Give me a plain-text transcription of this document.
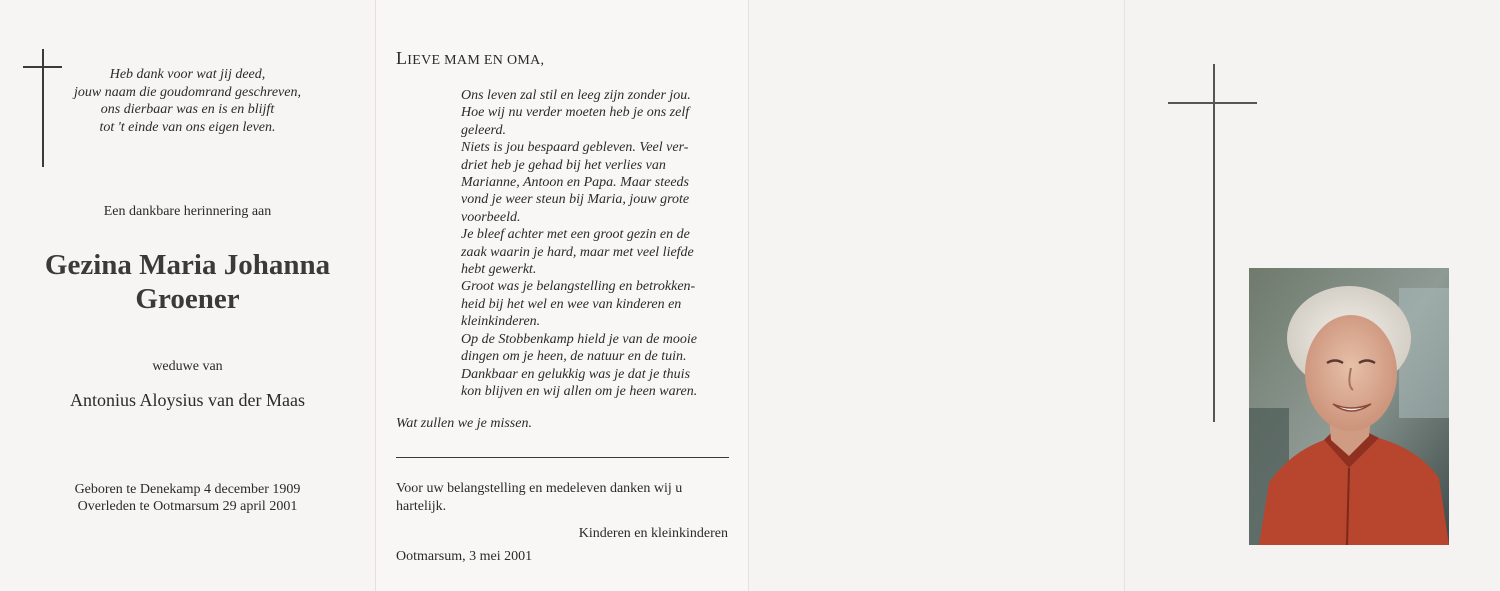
Heb dank voor wat jij deed,
jouw naam die goudomrand geschreven,
ons dierbaar was en is en blijft
tot 't einde van ons eigen leven.
Een dankbare herinnering aan
Gezina Maria Johanna
Groener
weduwe van
Antonius Aloysius van der Maas
Geboren te Denekamp 4 december 1909
Overleden te Ootmarsum 29 april 2001
LIEVE MAM EN OMA,
Ons leven zal stil en leeg zijn zonder jou.
Hoe wij nu verder moeten heb je ons zelf
geleerd.
Niets is jou bespaard gebleven. Veel ver-
driet heb je gehad bij het verlies van
Marianne, Antoon en Papa. Maar steeds
vond je weer steun bij Maria, jouw grote
voorbeeld.
Je bleef achter met een groot gezin en de
zaak waarin je hard, maar met veel liefde
hebt gewerkt.
Groot was je belangstelling en betrokken-
heid bij het wel en wee van kinderen en
kleinkinderen.
Op de Stobbenkamp hield je van de mooie
dingen om je heen, de natuur en de tuin.
Dankbaar en gelukkig was je dat je thuis
kon blijven en wij allen om je heen waren.
Wat zullen we je missen.
Voor uw belangstelling en medeleven danken wij u
hartelijk.
Kinderen en kleinkinderen
Ootmarsum, 3 mei 2001
